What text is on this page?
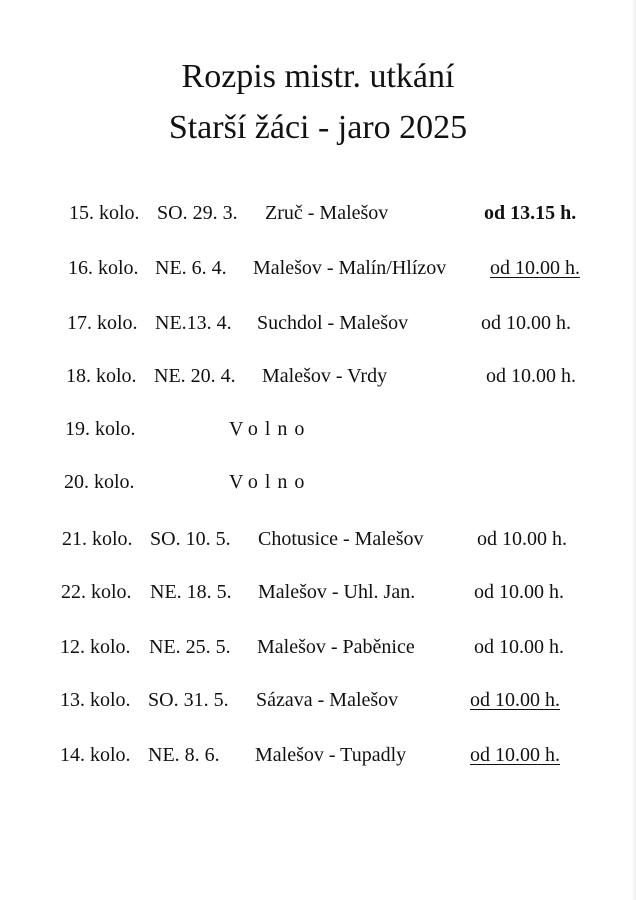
Rozpis mistr. utkání
Starší žáci - jaro 2025
15. kolo. SO. 29. 3. Zruč - Malešov	od 13.15 h.
16. kolo. NE. 6. 4. Malešov - Malín/Hlízov od 10.00 h.
17. kolo. NE.13. 4. Suchdol - Malešov	od 10.00 h.
18. kolo. NE. 20. 4. Malešov - Vrdy	od 10.00 h.
19. kolo.	Volno
20. kolo.	Volno
21. kolo. SO. 10. 5. Chotusice - Malešov	od 10.00 h.
22. kolo. NE. 18. 5. Malešov - Uhl. Jan.	od 10.00 h.
12. kolo. NE. 25. 5. Malešov - Paběnice	od 10.00 h.
13. kolo. SO. 31. 5. Sázava - Malešov	od 10.00 h.
14. kolo. NE. 8. 6. Malešov - Tupadly	od 10.00 h.
